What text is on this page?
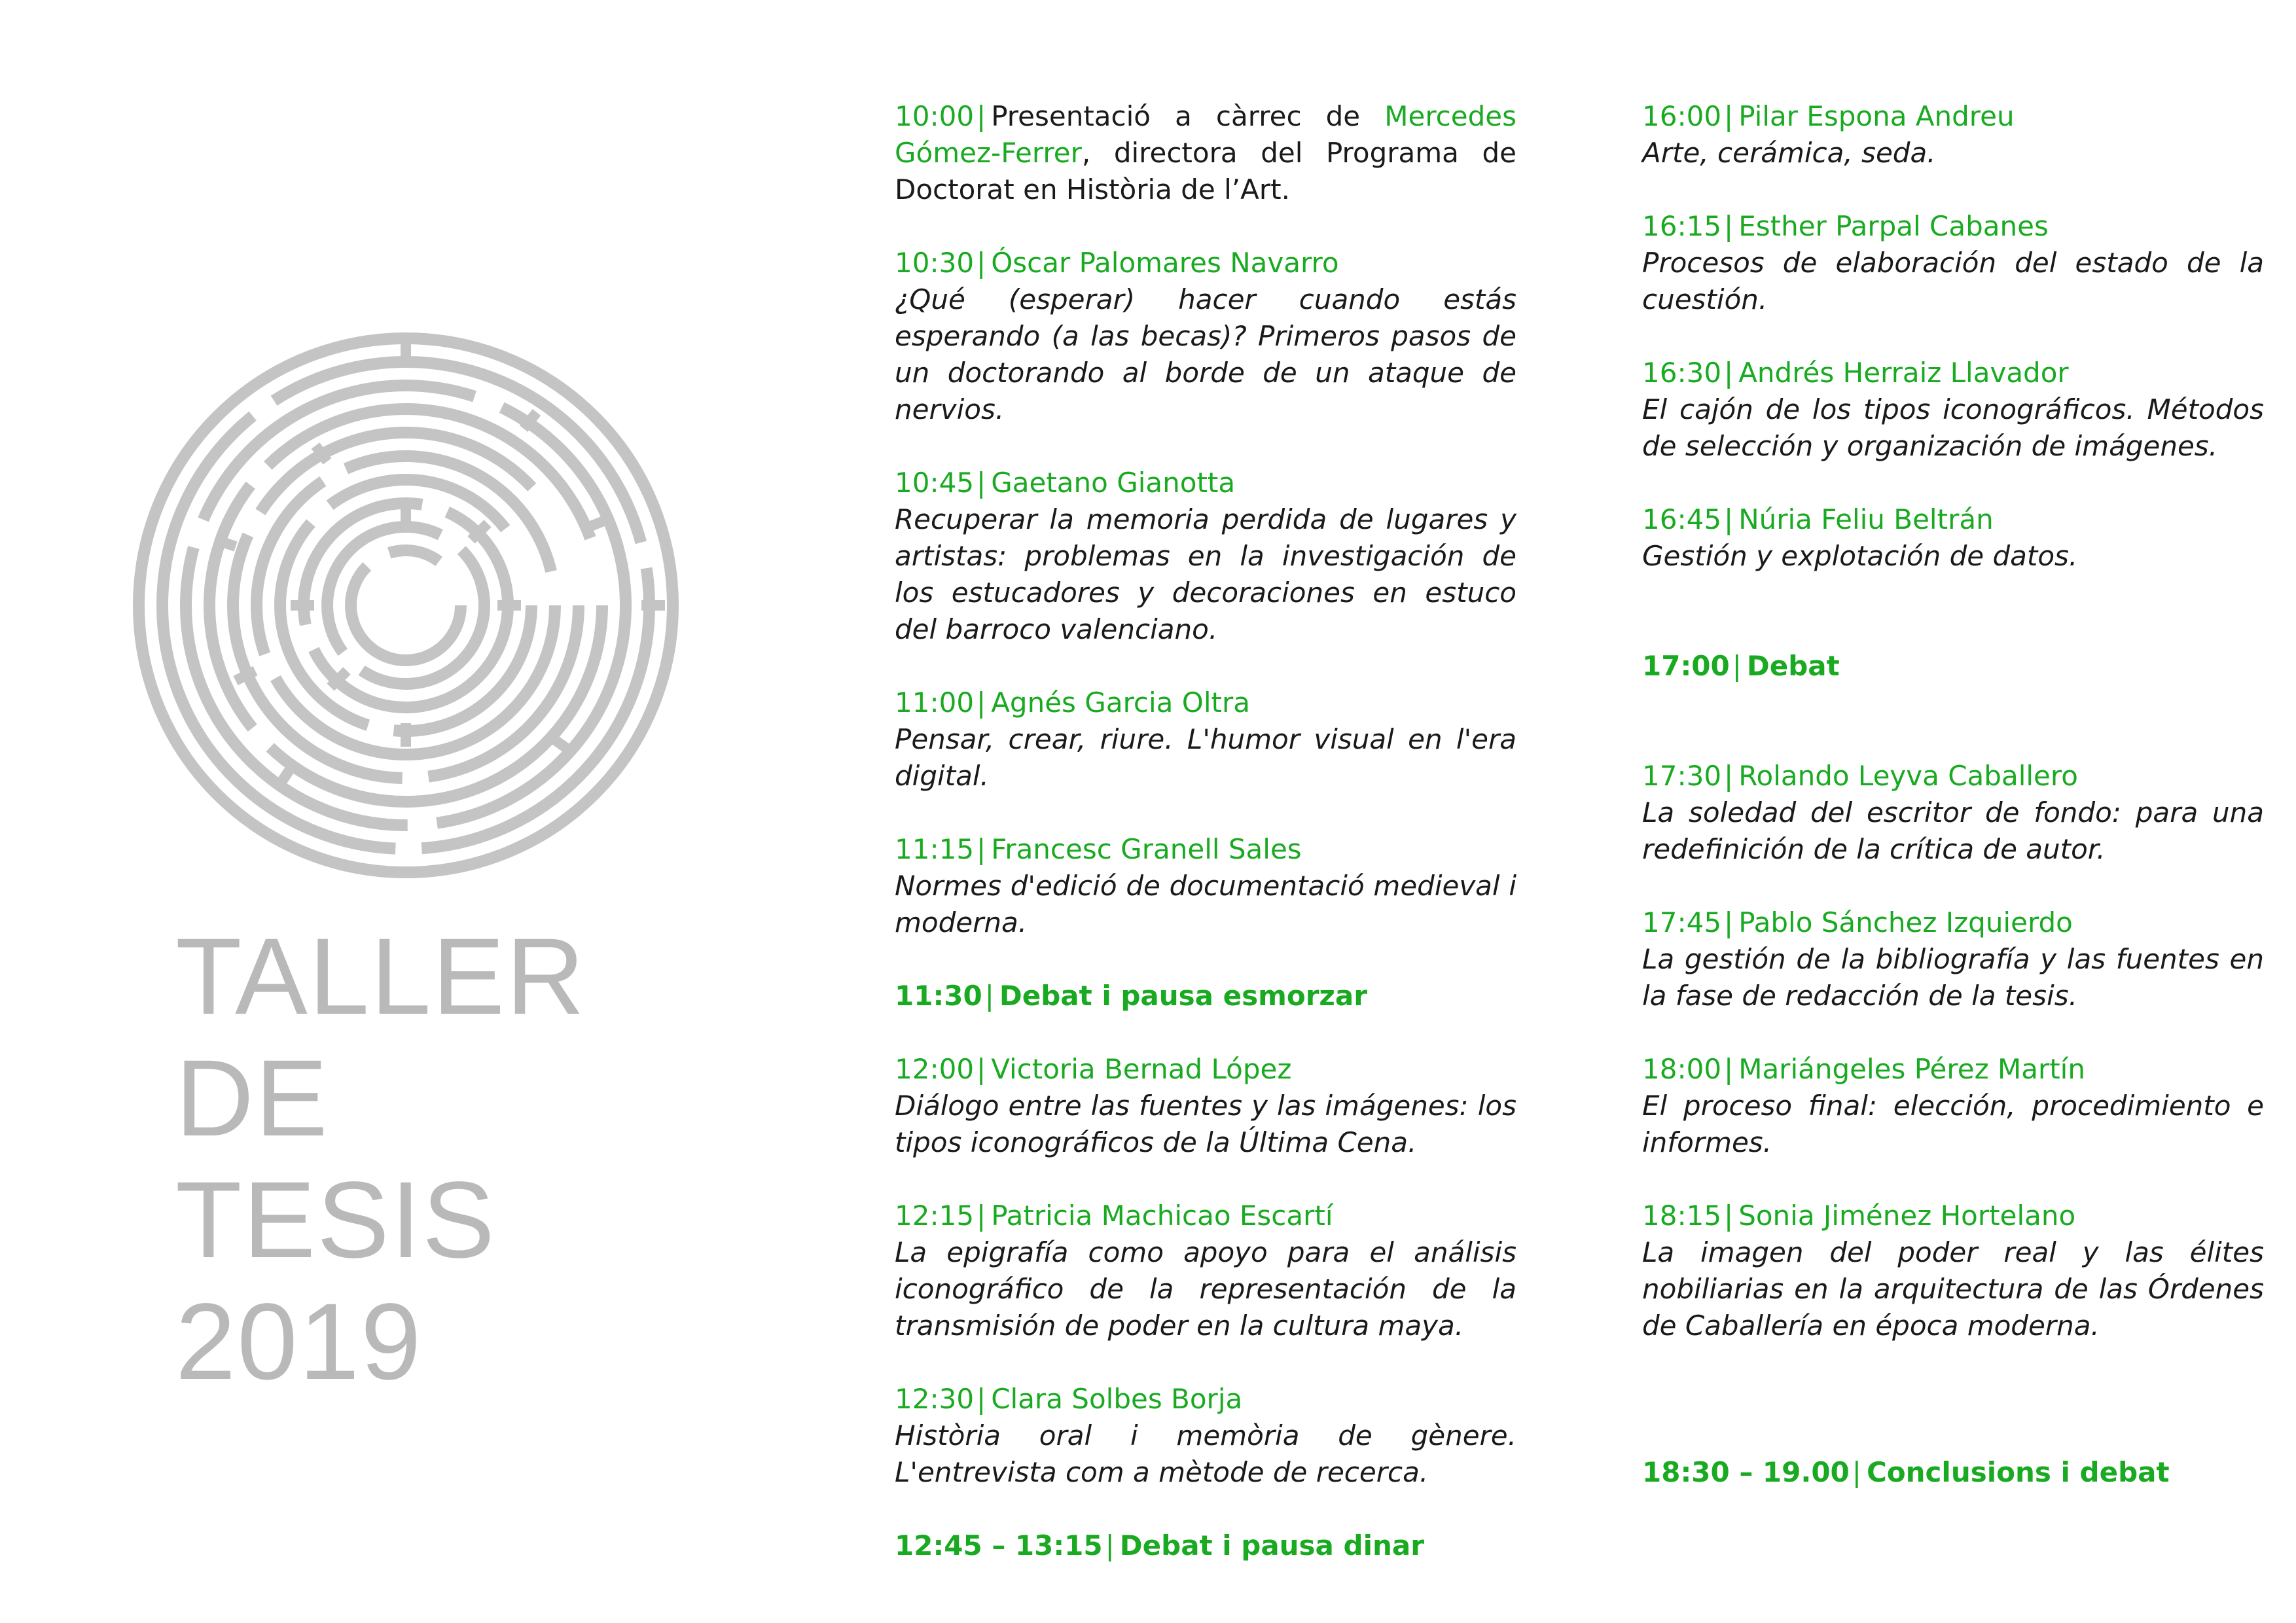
TALLER DE
TESIS 2019

10:00| Presentació a càrrec de Mercedes Gómez-Ferrer, directora del Programa de Doctorat en Història de l’Art.

10:30| Óscar Palomares Navarro
¿Qué (esperar) hacer cuando estás esperando (a las becas)? Primeros pasos de un doctorando al borde de un ataque de nervios.
10:45| Gaetano Gianotta
Recuperar la memoria perdida de lugares y artistas: problemas en la investigación de los estucadores y decoraciones en estuco del barroco valenciano.
11:00| Agnés Garcia Oltra
Pensar, crear, riure. L'humor visual en l'era digital.
11:15| Francesc Granell Sales
Normes d'edició de documentació medieval i moderna.
11:30| Debat i pausa esmorzar
12:00| Victoria Bernad López
Diálogo entre las fuentes y las imágenes: los tipos iconográficos de la Última Cena.
12:15| Patricia Machicao Escartí
La epigrafía como apoyo para el análisis iconográfico de la representación de la transmisión de poder en la cultura maya.
12:30| Clara Solbes Borja
Història oral i memòria de gènere. L'entrevista com a mètode de recerca.
12:45 – 13:15| Debat i pausa dinar
16:00| Pilar Espona Andreu
Arte, cerámica, seda.
16:15| Esther Parpal Cabanes
Procesos de elaboración del estado de la cuestión.
16:30| Andrés Herraiz Llavador
El cajón de los tipos iconográficos. Métodos de selección y organización de imágenes.
16:45| Núria Feliu Beltrán
Gestión y explotación de datos.
17:00| Debat
17:30| Rolando Leyva Caballero
La soledad del escritor de fondo: para una redefinición de la crítica de autor.
17:45| Pablo Sánchez Izquierdo
La gestión de la bibliografía y las fuentes en la fase de redacción de la tesis.
18:00| Mariángeles Pérez Martín
El proceso final: elección, procedimiento e informes.
18:15| Sonia Jiménez Hortelano
La imagen del poder real y las élites nobiliarias en la arquitectura de las Órdenes de Caballería en época moderna.
18:30 – 19.00| Conclusions i debat
